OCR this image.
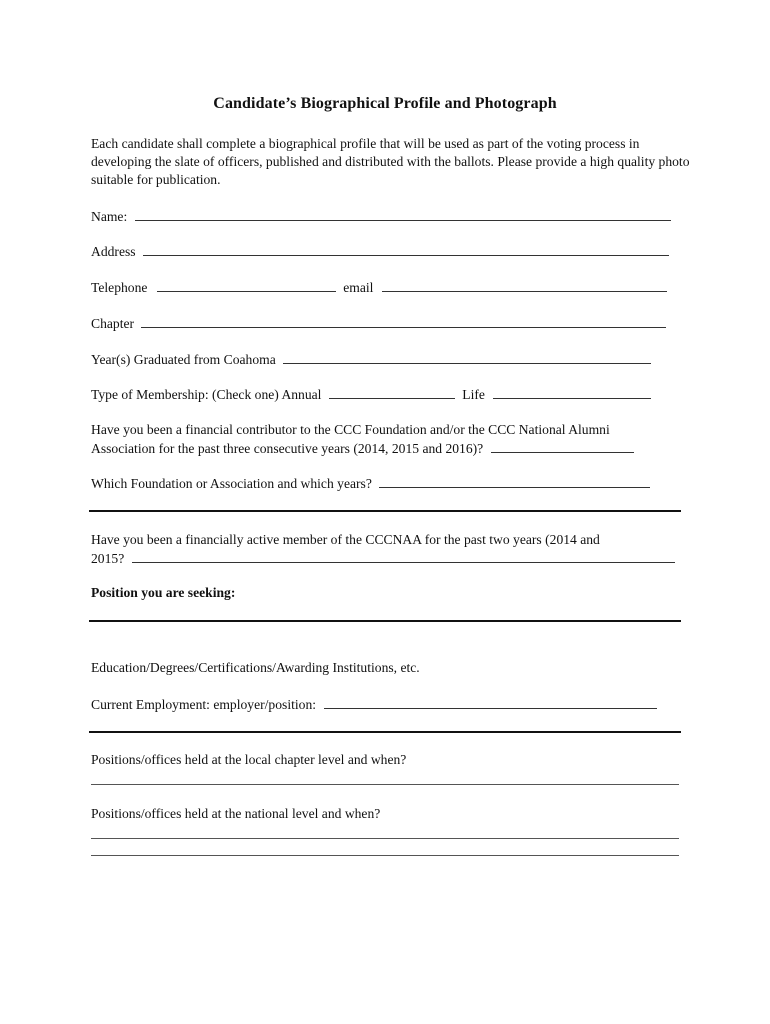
Candidate’s Biographical Profile and Photograph
Each candidate shall complete a biographical profile that will be used as part of the voting process in developing the slate of officers, published and distributed with the ballots. Please provide a high quality photo suitable for publication.
Name:
Address
Telephone	email
Chapter
Year(s) Graduated from Coahoma
Type of Membership: (Check one) Annual	Life
Have you been a financial contributor to the CCC Foundation and/or the CCC National Alumni
Association for the past three consecutive years (2014, 2015 and 2016)?
Which Foundation or Association and which years?
Have you been a financially active member of the CCCNAA for the past two years (2014 and
2015?
Position you are seeking:
Education/Degrees/Certifications/Awarding Institutions, etc.
Current Employment: employer/position:
Positions/offices held at the local chapter level and when?
Positions/offices held at the national level and when?
